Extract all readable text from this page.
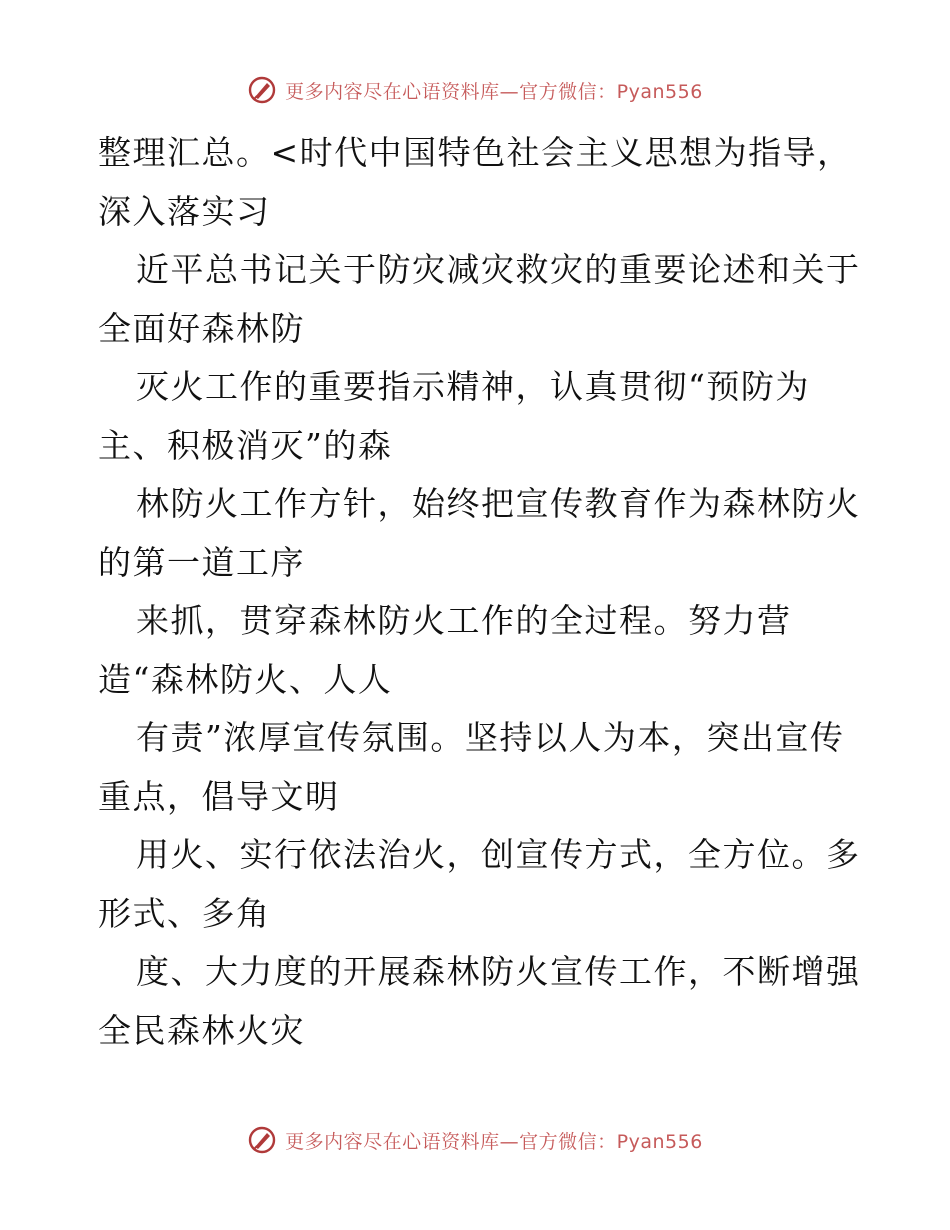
更多内容尽在心语资料库—官方微信：Pyan556
整理汇总。<时代中国特色社会主义思想为指导，
深入落实习
近平总书记关于防灾减灾救灾的重要论述和关于
全面好森林防
灭火工作的重要指示精神，认真贯彻“预防为
主、积极消灭”的森
林防火工作方针，始终把宣传教育作为森林防火
的第一道工序
来抓，贯穿森林防火工作的全过程。努力营
造“森林防火、人人
有责”浓厚宣传氛围。坚持以人为本，突出宣传
重点，倡导文明
用火、实行依法治火，创宣传方式，全方位。多
形式、多角
度、大力度的开展森林防火宣传工作，不断增强
全民森林火灾
更多内容尽在心语资料库—官方微信：Pyan556
